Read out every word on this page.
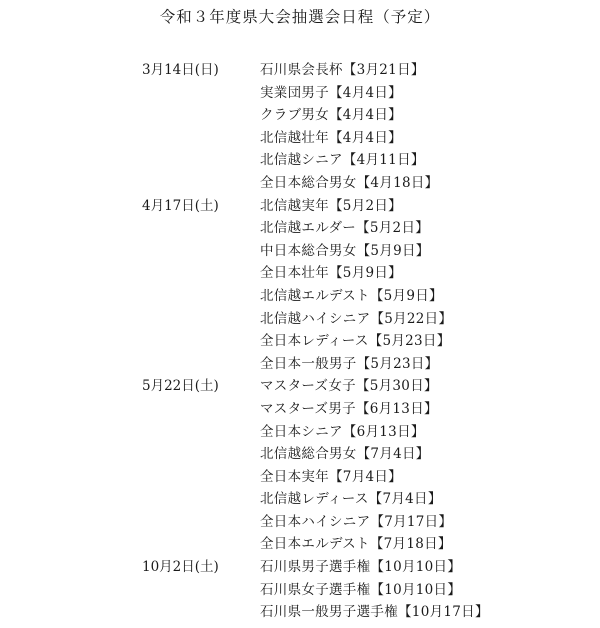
令和３年度県大会抽選会日程（予定）
3月14日(日)	石川県会長杯【3月21日】
実業団男子【4月4日】
クラブ男女【4月4日】
北信越壮年【4月4日】
北信越シニア【4月11日】
全日本総合男女【4月18日】
4月17日(土)	北信越実年【5月2日】
北信越エルダー【5月2日】
中日本総合男女【5月9日】
全日本壮年【5月9日】
北信越エルデスト【5月9日】
北信越ハイシニア【5月22日】
全日本レディース【5月23日】
全日本一般男子【5月23日】
5月22日(土)	マスターズ女子【5月30日】
マスターズ男子【6月13日】
全日本シニア【6月13日】
北信越総合男女【7月4日】
全日本実年【7月4日】
北信越レディース【7月4日】
全日本ハイシニア【7月17日】
全日本エルデスト【7月18日】
10月2日(土)	石川県男子選手権【10月10日】
石川県女子選手権【10月10日】
石川県一般男子選手権【10月17日】
